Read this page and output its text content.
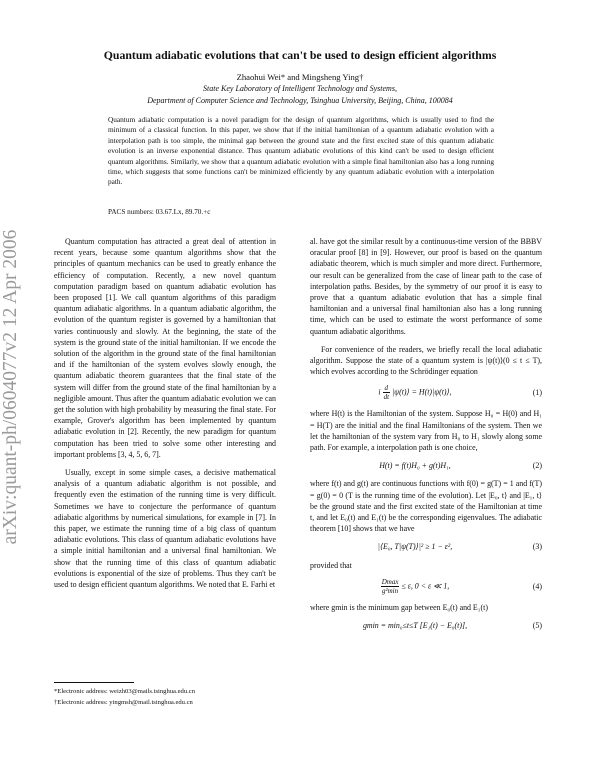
arXiv:quant-ph/0604077v2 12 Apr 2006
Quantum adiabatic evolutions that can't be used to design efficient algorithms
Zhaohui Wei* and Mingsheng Ying†
State Key Laboratory of Intelligent Technology and Systems,
Department of Computer Science and Technology, Tsinghua University, Beijing, China, 100084
Quantum adiabatic computation is a novel paradigm for the design of quantum algorithms, which is usually used to find the minimum of a classical function. In this paper, we show that if the initial hamiltonian of a quantum adiabatic evolution with a interpolation path is too simple, the minimal gap between the ground state and the first excited state of this quantum adiabatic evolution is an inverse exponential distance. Thus quantum adiabatic evolutions of this kind can't be used to design efficient quantum algorithms. Similarly, we show that a quantum adiabatic evolution with a simple final hamiltonian also has a long running time, which suggests that some functions can't be minimized efficiently by any quantum adiabatic evolution with a interpolation path.
PACS numbers: 03.67.Lx, 89.70.+c

Quantum computation has attracted a great deal of attention in recent years, because some quantum algorithms show that the principles of quantum mechanics can be used to greatly enhance the efficiency of computation. Recently, a new novel quantum computation paradigm based on quantum adiabatic evolution has been proposed [1]. We call quantum algorithms of this paradigm quantum adiabatic algorithms. In a quantum adiabatic algorithm, the evolution of the quantum register is governed by a hamiltonian that varies continuously and slowly. At the beginning, the state of the system is the ground state of the initial hamiltonian. If we encode the solution of the algorithm in the ground state of the final hamiltonian and if the hamiltonian of the system evolves slowly enough, the quantum adiabatic theorem guarantees that the final state of the system will differ from the ground state of the final hamiltonian by a negligible amount. Thus after the quantum adiabatic evolution we can get the solution with high probability by measuring the final state. For example, Grover's algorithm has been implemented by quantum adiabatic evolution in [2]. Recently, the new paradigm for quantum computation has been tried to solve some other interesting and important problems [3, 4, 5, 6, 7].

Usually, except in some simple cases, a decisive mathematical analysis of a quantum adiabatic algorithm is not possible, and frequently even the estimation of the running time is very difficult. Sometimes we have to conjecture the performance of quantum adiabatic algorithms by numerical simulations, for example in [7]. In this paper, we estimate the running time of a big class of quantum adiabatic evolutions. This class of quantum adiabatic evolutions have a simple initial hamiltonian and a universal final hamiltonian. We show that the running time of this class of quantum adiabatic evolutions is exponential of the size of problems. Thus they can't be used to design efficient quantum algorithms. We noted that E. Farhi et

al. have got the similar result by a continuous-time version of the BBBV oracular proof [8] in [9]. However, our proof is based on the quantum adiabatic theorem, which is much simpler and more direct. Furthermore, our result can be generalized from the case of linear path to the case of interpolation paths. Besides, by the symmetry of our proof it is easy to prove that a quantum adiabatic evolution that has a simple final hamiltonian and a universal final hamiltonian also has a long running time, which can be used to estimate the worst performance of some quantum adiabatic algorithms.

For convenience of the readers, we briefly recall the local adiabatic algorithm. Suppose the state of a quantum system is |ψ(t)⟩(0 ≤ t ≤ T), which evolves according to the Schrödinger equation

i $\frac{d}{dt}$ |ψ(t)⟩ = H(t)|ψ(t)⟩,	(1)

where H(t) is the Hamiltonian of the system. Suppose H₀ = H(0) and H₁ = H(T) are the initial and the final Hamiltonians of the system. Then we let the hamiltonian of the system vary from H₀ to H₁ slowly along some path. For example, a interpolation path is one choice,

H(t) = f(t)H₀ + g(t)H₁,	(2)

where f(t) and g(t) are continuous functions with f(0) = g(T) = 1 and f(T) = g(0) = 0 (T is the running time of the evolution). Let |E₀, t⟩ and |E₁, t⟩ be the ground state and the first excited state of the Hamiltonian at time t, and let E₀(t) and E₁(t) be the corresponding eigenvalues. The adiabatic theorem [10] shows that we have

|⟨E₀, T|ψ(T)⟩|² ≥ 1 − ε²,	(3)

provided that

$\frac{Dmax}{\text{g²min}} \le \varepsilon$, 0 < ε ≪ 1,	(4)

where gmin is the minimum gap between E₀(t) and E₁(t)

gmin = min₀≤t≤T [E₁(t) − E₀(t)],	(5)
*Electronic address: weizh03@mails.tsinghua.edu.cn
†Electronic address: yingmsh@mail.tsinghua.edu.cn
